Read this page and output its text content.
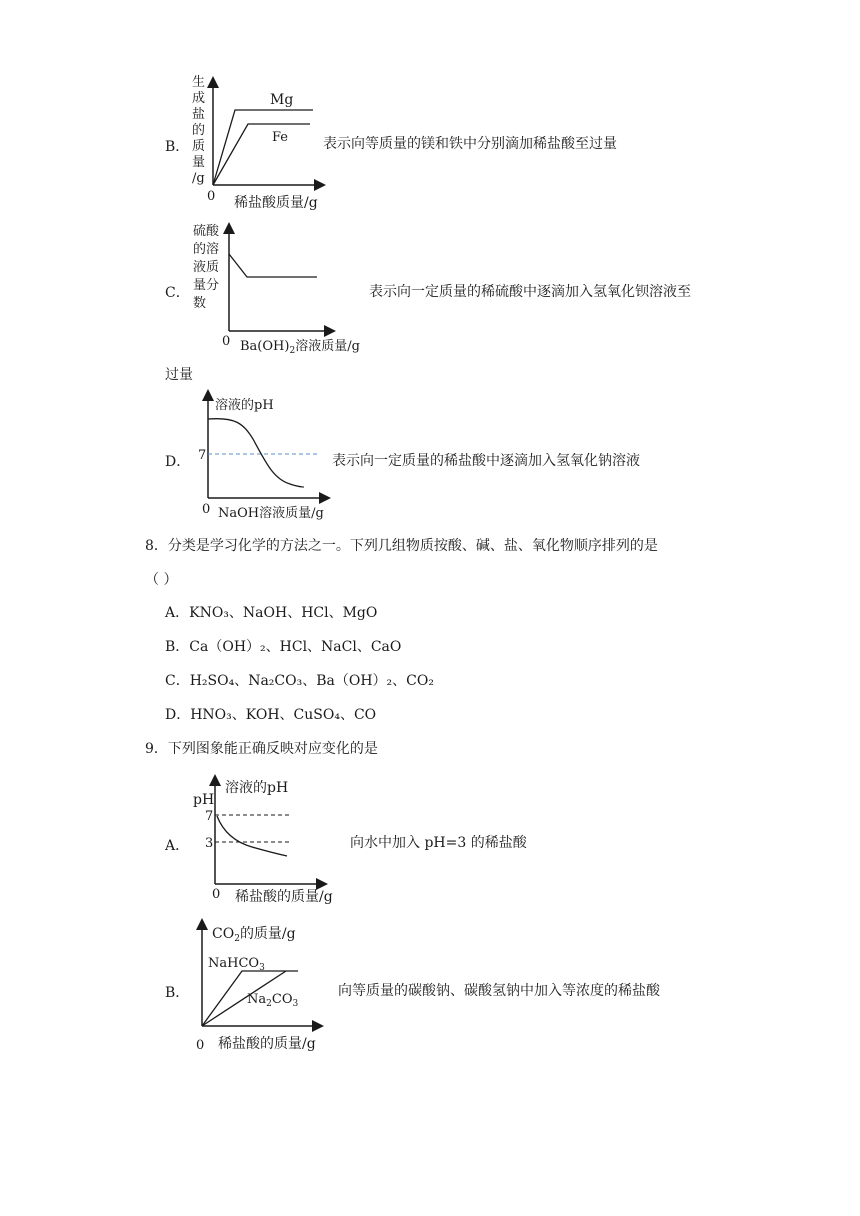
B．
生
成
盐
的
质
量
/g
Mg
Fe
0 稀盐酸质量/g
表示向等质量的镁和铁中分别滴加稀盐酸至过量
C．
硫酸
的溶
液质
量分
数
0 $Ba(OH)_2$溶液质量/g
表示向一定质量的稀硫酸中逐滴加入氢氧化钡溶液至
过量
D．
溶液的pH
7
0 NaOH溶液质量/g
表示向一定质量的稀盐酸中逐滴加入氢氧化钠溶液
8．分类是学习化学的方法之一。下列几组物质按酸、碱、盐、氧化物顺序排列的是
（ ）
A．KNO₃、NaOH、HCl、MgO
B．Ca（OH）₂、HCl、NaCl、CaO
C．H₂SO₄、Na₂CO₃、Ba（OH）₂、CO₂
D．HNO₃、KOH、CuSO₄、CO
9．下列图象能正确反映对应变化的是
A．
pH
溶液的pH
7
3
0 稀盐酸的质量/g
向水中加入 pH=3 的稀盐酸
B．
$CO_2$的质量/g
NaHCO$_3$
$Na_2CO_3$
0 稀盐酸的质量/g
向等质量的碳酸钠、碳酸氢钠中加入等浓度的稀盐酸
